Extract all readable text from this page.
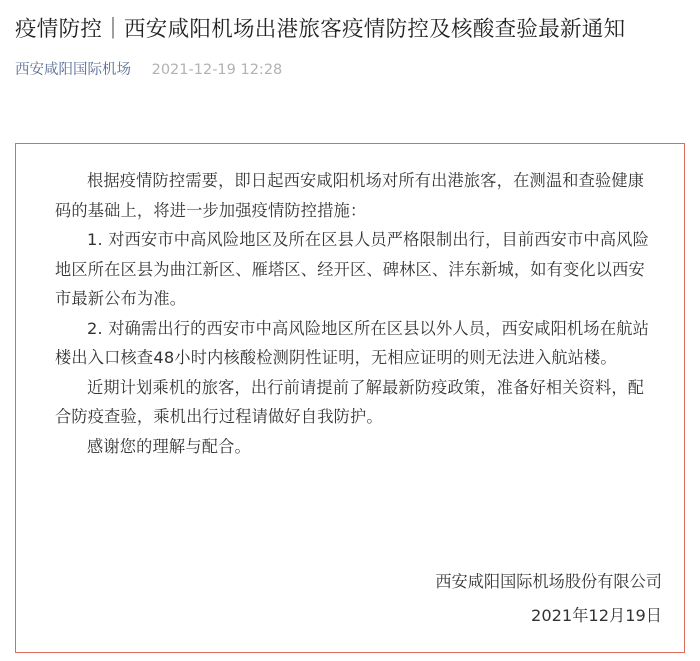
疫情防控｜西安咸阳机场出港旅客疫情防控及核酸查验最新通知
西安咸阳国际机场 2021-12-19 12:28

根据疫情防控需要，即日起西安咸阳机场对所有出港旅客，在测温和查验健康码的基础上，将进一步加强疫情防控措施：

1. 对西安市中高风险地区及所在区县人员严格限制出行，目前西安市中高风险地区所在区县为曲江新区、雁塔区、经开区、碑林区、沣东新城，如有变化以西安市最新公布为准。

2. 对确需出行的西安市中高风险地区所在区县以外人员，西安咸阳机场在航站楼出入口核查48小时内核酸检测阴性证明，无相应证明的则无法进入航站楼。

近期计划乘机的旅客，出行前请提前了解最新防疫政策，准备好相关资料，配合防疫查验，乘机出行过程请做好自我防护。

感谢您的理解与配合。

西安咸阳国际机场股份有限公司
2021年12月19日
